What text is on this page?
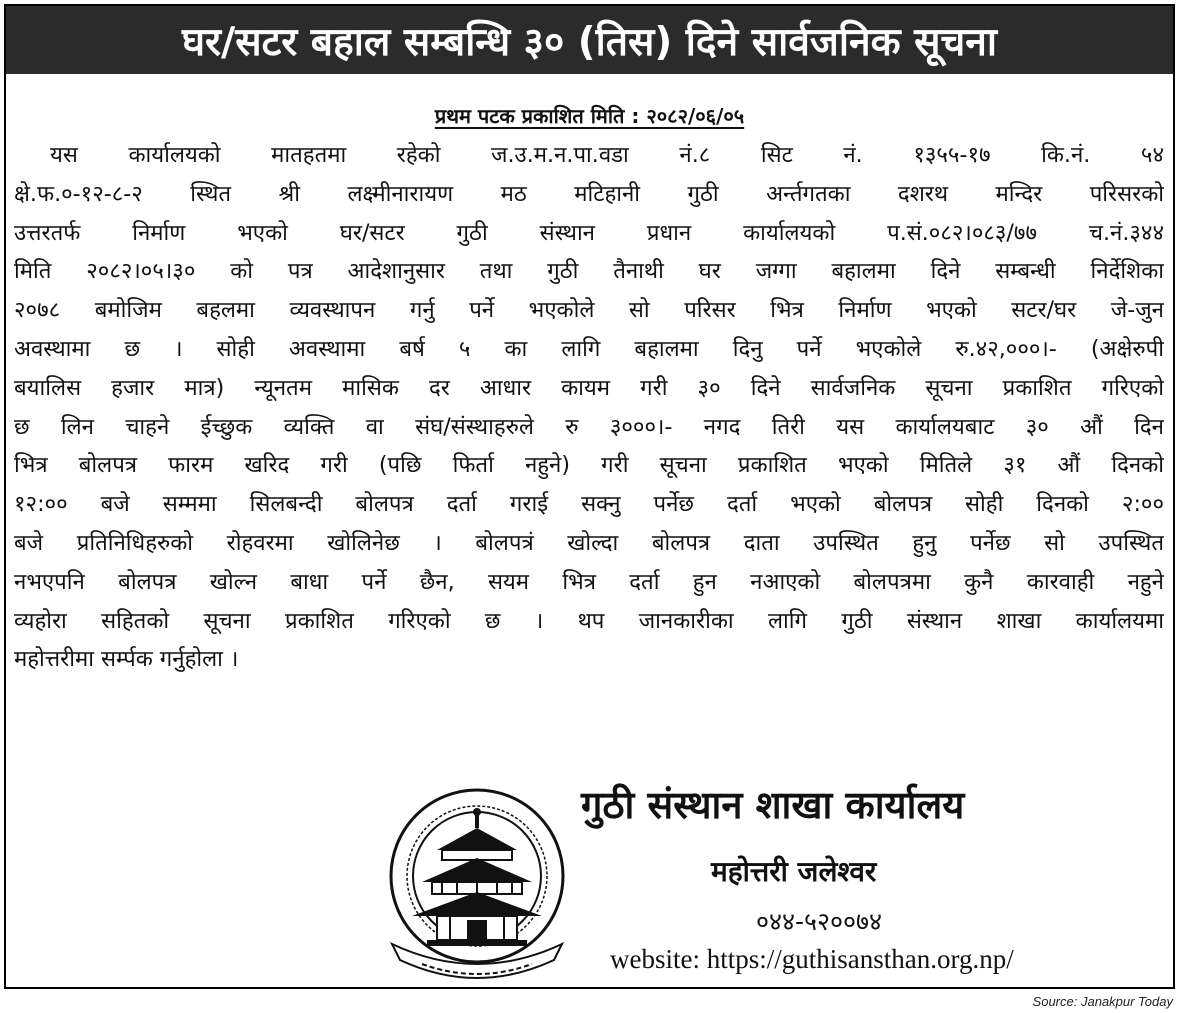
घर/सटर बहाल सम्बन्धि ३० (तिस) दिने सार्वजनिक सूचना
प्रथम पटक प्रकाशित मिति : २०८२/०६/०५
यस कार्यालयको मातहतमा रहेको ज.उ.म.न.पा.वडा नं.८ सिट नं. १३५५-१७ कि.नं. ५४
क्षे.फ.०-१२-८-२ स्थित श्री लक्ष्मीनारायण मठ मटिहानी गुठी अर्न्तगतका दशरथ मन्दिर परिसरको
उत्तरतर्फ निर्माण भएको घर/सटर गुठी संस्थान प्रधान कार्यालयको प.सं.०८२।०८३/७७ च.नं.३४४
मिति २०८२।०५।३० को पत्र आदेशानुसार तथा गुठी तैनाथी घर जग्गा बहालमा दिने सम्बन्धी निर्देशिका
२०७८ बमोजिम बहलमा व्यवस्थापन गर्नु पर्ने भएकोले सो परिसर भित्र निर्माण भएको सटर/घर जे-जुन
अवस्थामा छ । सोही अवस्थामा बर्ष ५ का लागि बहालमा दिनु पर्ने भएकोले रु.४२,०००।- (अक्षेरुपी
बयालिस हजार मात्र) न्यूनतम मासिक दर आधार कायम गरी ३० दिने सार्वजनिक सूचना प्रकाशित गरिएको
छ लिन चाहने ईच्छुक व्यक्ति वा संघ/संस्थाहरुले रु ३०००।- नगद तिरी यस कार्यालयबाट ३० औं दिन
भित्र बोलपत्र फारम खरिद गरी (पछि फिर्ता नहुने) गरी सूचना प्रकाशित भएको मितिले ३१ औं दिनको
१२:०० बजे सम्ममा सिलबन्दी बोलपत्र दर्ता गराई सक्नु पर्नेछ दर्ता भएको बोलपत्र सोही दिनको २:००
बजे प्रतिनिधिहरुको रोहवरमा खोलिनेछ । बोलपत्रं खोल्दा बोलपत्र दाता उपस्थित हुनु पर्नेछ सो उपस्थित
नभएपनि बोलपत्र खोल्न बाधा पर्ने छैन, सयम भित्र दर्ता हुन नआएको बोलपत्रमा कुनै कारवाही नहुने
व्यहोरा सहितको सूचना प्रकाशित गरिएको छ । थप जानकारीका लागि गुठी संस्थान शाखा कार्यालयमा
महोत्तरीमा सर्म्पक गर्नुहोला ।
गुठी संस्थान शाखा कार्यालय
महोत्तरी जलेश्वर
०४४-५२००७४
website: https://guthisansthan.org.np/
Source: Janakpur Today
